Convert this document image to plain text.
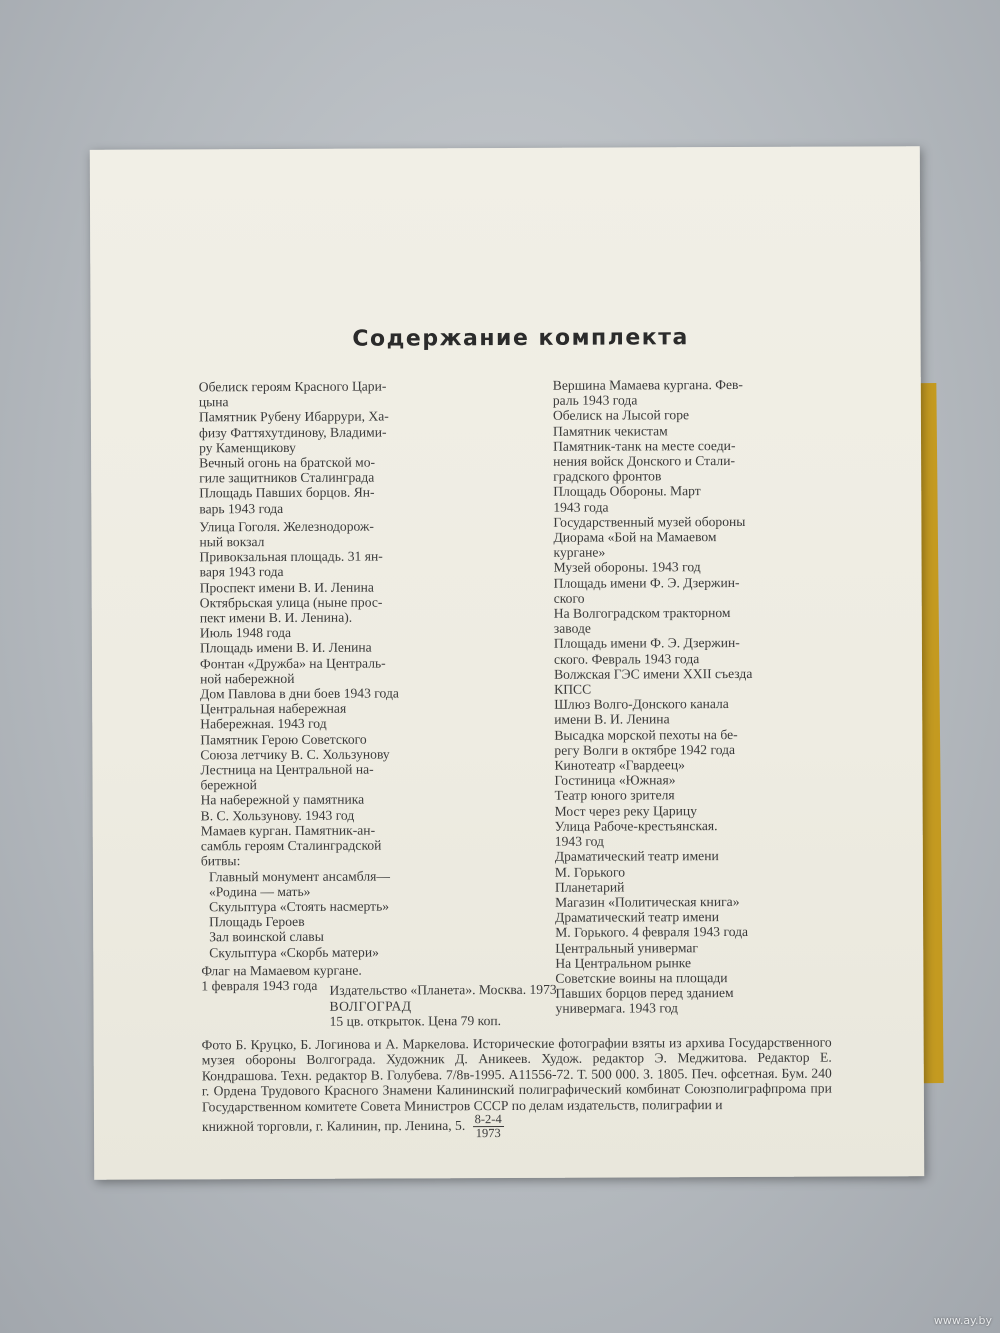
Содержание комплекта
Обелиск героям Красного Цари-
цына
Памятник Рубену Ибаррури, Ха-
физу Фаттяхутдинову, Владими-
ру Каменщикову
Вечный огонь на братской мо-
гиле защитников Сталинграда
Площадь Павших борцов. Ян-
варь 1943 года
Улица Гоголя. Железнодорож-
ный вокзал
Привокзальная площадь. 31 ян-
варя 1943 года
Проспект имени В. И. Ленина
Октябрьская улица (ныне прос-
пект имени В. И. Ленина).
Июль 1948 года
Площадь имени В. И. Ленина
Фонтан «Дружба» на Централь-
ной набережной
Дом Павлова в дни боев 1943 года
Центральная набережная
Набережная. 1943 год
Памятник Герою Советского
Союза летчику В. С. Хользунову
Лестница на Центральной на-
бережной
На набережной у памятника
В. С. Хользунову. 1943 год
Мамаев курган. Памятник-ан-
самбль героям Сталинградской
битвы:
Главный монумент ансамбля—
«Родина — мать»
Скульптура «Стоять насмерть»
Площадь Героев
Зал воинской славы
Скульптура «Скорбь матери»
Флаг на Мамаевом кургане.
1 февраля 1943 года
Вершина Мамаева кургана. Фев-
раль 1943 года
Обелиск на Лысой горе
Памятник чекистам
Памятник-танк на месте соеди-
нения войск Донского и Стали-
градского фронтов
Площадь Обороны. Март
1943 года
Государственный музей обороны
Диорама «Бой на Мамаевом
кургане»
Музей обороны. 1943 год
Площадь имени Ф. Э. Дзержин-
ского
На Волгоградском тракторном
заводе
Площадь имени Ф. Э. Дзержин-
ского. Февраль 1943 года
Волжская ГЭС имени XXII съезда
КПСС
Шлюз Волго-Донского канала
имени В. И. Ленина
Высадка морской пехоты на бе-
регу Волги в октябре 1942 года
Кинотеатр «Гвардеец»
Гостиница «Южная»
Театр юного зрителя
Мост через реку Царицу
Улица Рабоче-крестьянская.
1943 год
Драматический театр имени
М. Горького
Планетарий
Магазин «Политическая книга»
Драматический театр имени
М. Горького. 4 февраля 1943 года
Центральный универмаг
На Центральном рынке
Советские воины на площади
Павших борцов перед зданием
универмага. 1943 год
Издательство «Планета». Москва. 1973
ВОЛГОГРАД
15 цв. открыток. Цена 79 коп.
Фото Б. Круцко, Б. Логинова и А. Маркелова. Исторические фотографии взяты из архива Государственного музея обороны Волгограда. Художник Д. Аникеев. Худож. редактор Э. Меджитова. Редактор Е. Кондрашова. Техн. редактор В. Голубева. 7/8в-1995. А11556-72. Т. 500 000. З. 1805. Печ. офсетная. Бум. 240 г. Ордена Трудового Красного Знамени Калининский полиграфический комбинат Союзполиграфпрома при Государственном комитете Совета Министров СССР по делам издательств, полиграфии и
книжной торговли, г. Калинин, пр. Ленина, 5. $\frac{8-2-4}{1973}$
www.ay.by
